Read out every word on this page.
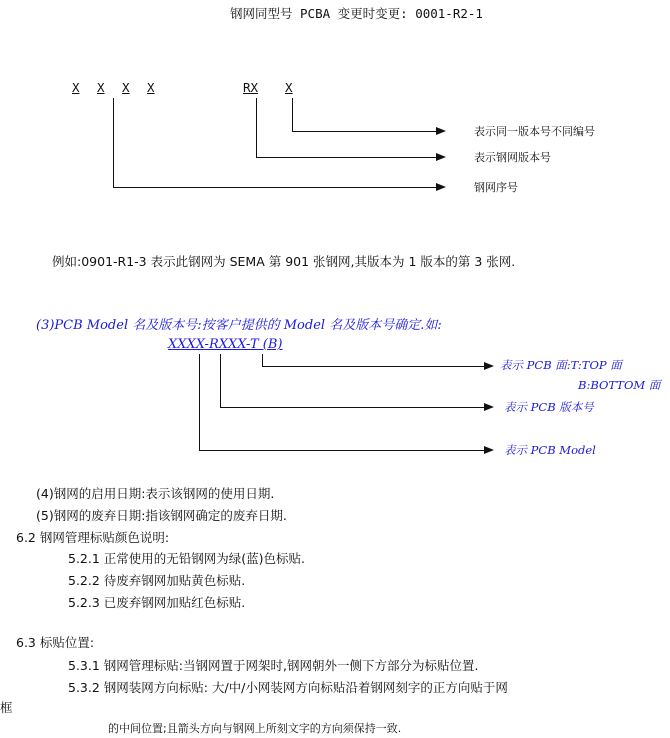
钢网同型号 PCBA 变更时变更: 0001-R2-1
X X X X	RX X
表示同一版本号不同编号
表示钢网版本号
钢网序号
例如:0901-R1-3 表示此钢网为 SEMA 第 901 张钢网,其版本为 1 版本的第 3 张网.
(3)PCB Model 名及版本号:按客户提供的 Model 名及版本号确定.如:
XXXX-RXXX-T (B)
表示 PCB 面:T:TOP 面
B:BOTTOM 面
表示 PCB 版本号
表示 PCB Model
(4)钢网的启用日期:表示该钢网的使用日期.
(5)钢网的废弃日期:指该钢网确定的废弃日期.
6.2 钢网管理标贴颜色说明:
5.2.1 正常使用的无铅钢网为绿(蓝)色标贴.
5.2.2 待废弃钢网加贴黄色标贴.
5.2.3 已废弃钢网加贴红色标贴.
6.3 标贴位置:
5.3.1 钢网管理标贴:当钢网置于网架时,钢网朝外一侧下方部分为标贴位置.
5.3.2 钢网装网方向标贴: 大/中/小网装网方向标贴沿着钢网刻字的正方向贴于网
框
的中间位置;且箭头方向与钢网上所刻文字的方向须保持一致.
